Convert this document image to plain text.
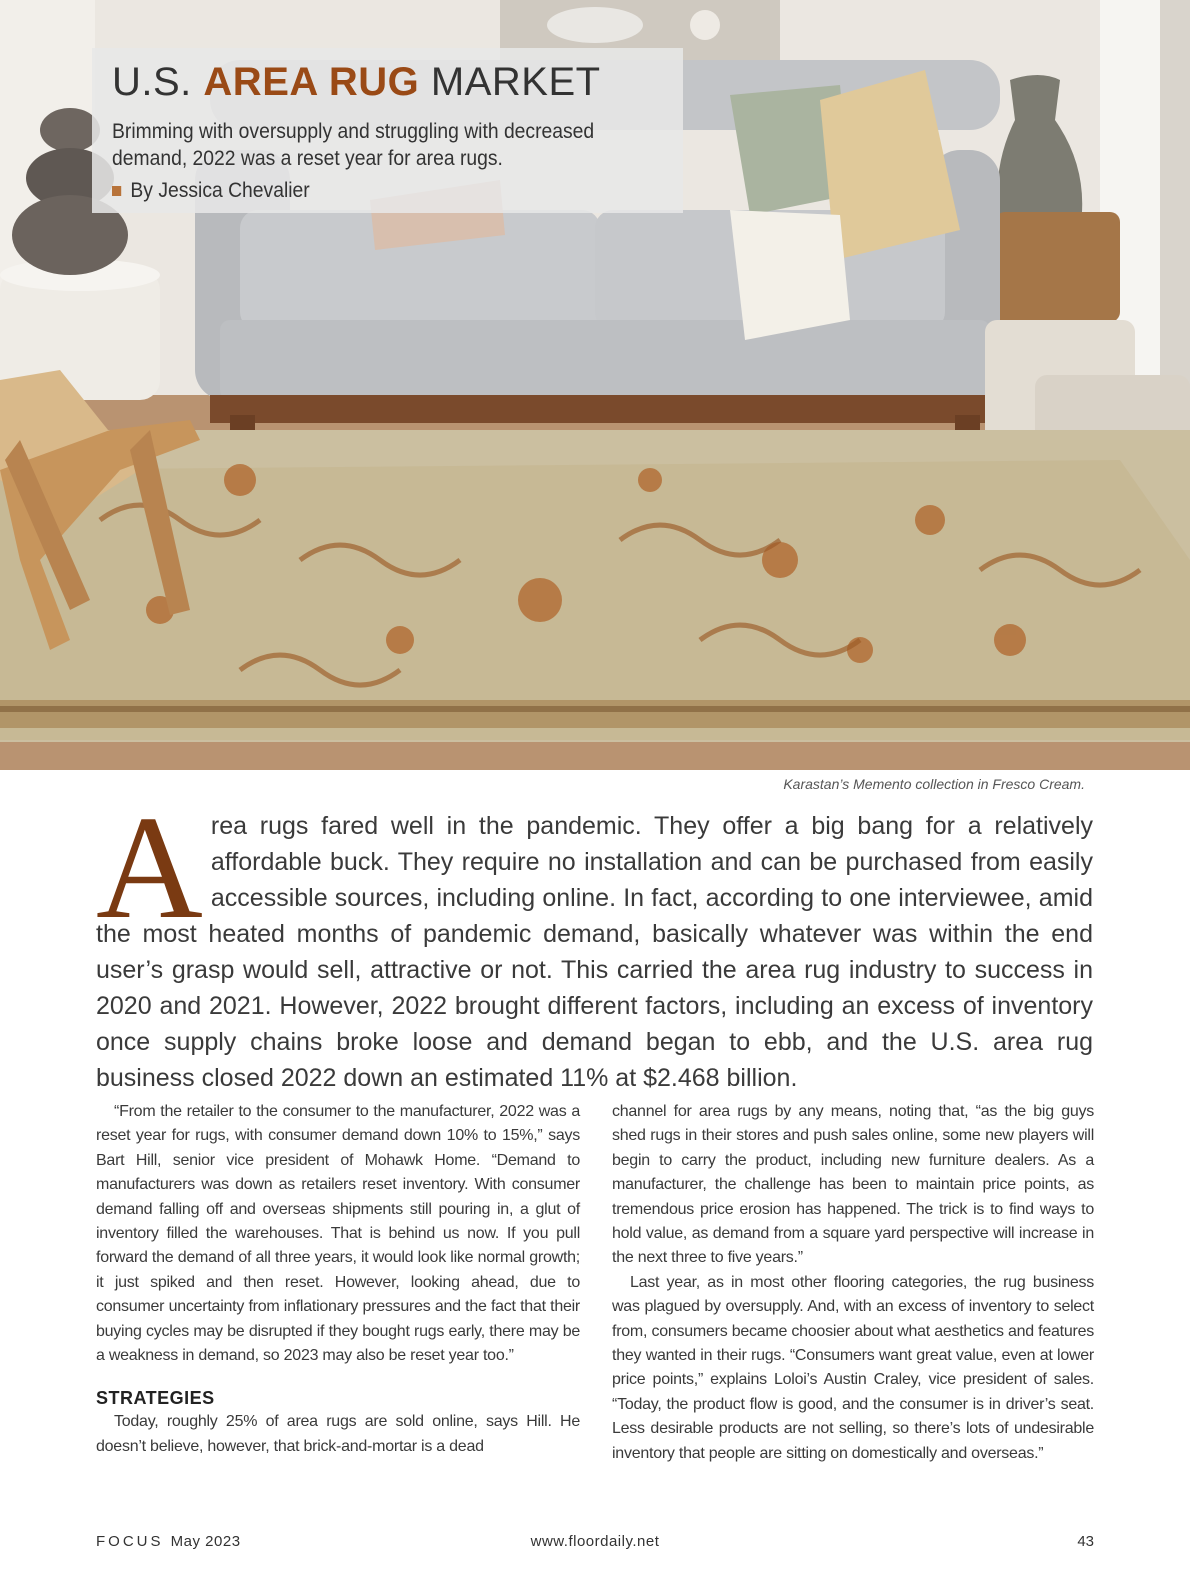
U.S. AREA RUG MARKET
Brimming with oversupply and struggling with decreased demand, 2022 was a reset year for area rugs.
By Jessica Chevalier
Karastan’s Memento collection in Fresco Cream.
Area rugs fared well in the pandemic. They offer a big bang for a relatively affordable buck. They require no installation and can be purchased from easily accessible sources, including online. In fact, according to one interviewee, amid the most heated months of pandemic demand, basically whatever was within the end user’s grasp would sell, attractive or not. This carried the area rug industry to success in 2020 and 2021. However, 2022 brought different factors, including an excess of inventory once supply chains broke loose and demand began to ebb, and the U.S. area rug business closed 2022 down an estimated 11% at $2.468 billion.

“From the retailer to the consumer to the manufacturer, 2022 was a reset year for rugs, with consumer demand down 10% to 15%,” says Bart Hill, senior vice president of Mohawk Home. “Demand to manufacturers was down as retailers reset inventory. With consumer demand falling off and overseas shipments still pouring in, a glut of inventory filled the warehouses. That is behind us now. If you pull forward the demand of all three years, it would look like normal growth; it just spiked and then reset. However, looking ahead, due to consumer uncertainty from inflationary pressures and the fact that their buying cycles may be disrupted if they bought rugs early, there may be a weakness in demand, so 2023 may also be reset year too.”

STRATEGIES

Today, roughly 25% of area rugs are sold online, says Hill. He doesn’t believe, however, that brick-and-mortar is a dead

channel for area rugs by any means, noting that, “as the big guys shed rugs in their stores and push sales online, some new players will begin to carry the product, including new furniture dealers. As a manufacturer, the challenge has been to maintain price points, as tremendous price erosion has happened. The trick is to find ways to hold value, as demand from a square yard perspective will increase in the next three to five years.”

Last year, as in most other flooring categories, the rug business was plagued by oversupply. And, with an excess of inventory to select from, consumers became choosier about what aesthetics and features they wanted in their rugs. “Consumers want great value, even at lower price points,” explains Loloi’s Austin Craley, vice president of sales. “Today, the product flow is good, and the consumer is in driver’s seat. Less desirable products are not selling, so there’s lots of undesirable inventory that people are sitting on domestically and overseas.”

FOCUS May 2023	www.floordaily.net	43
